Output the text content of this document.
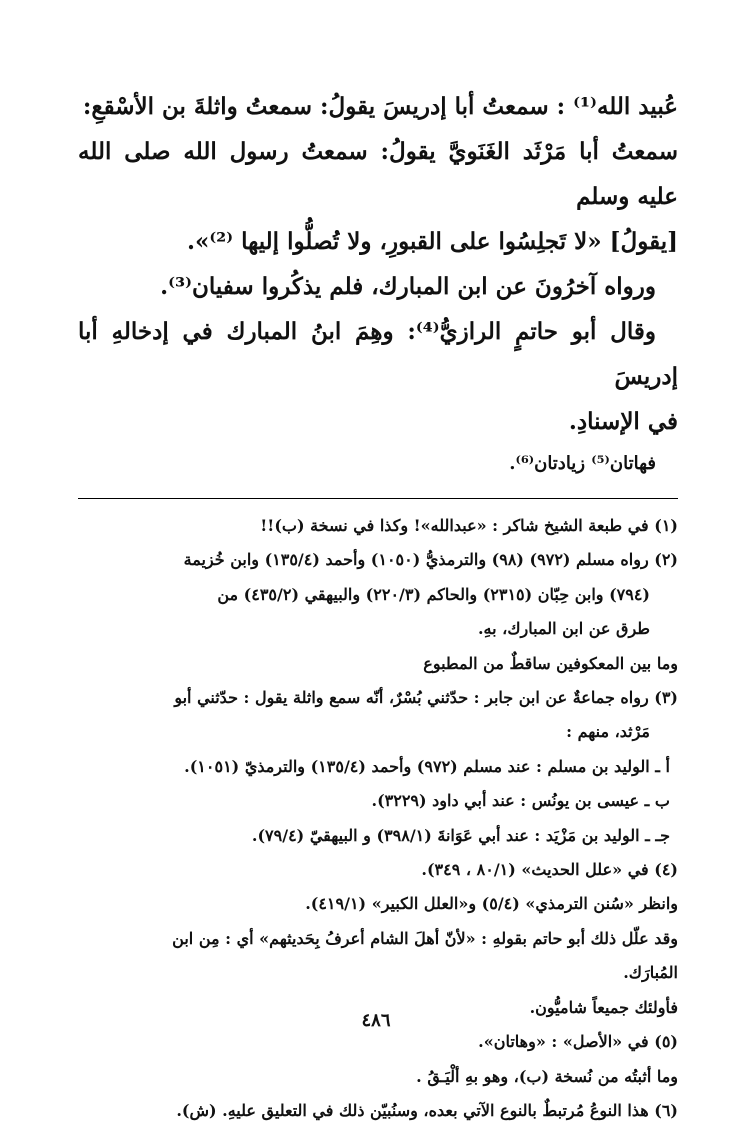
عُبيد الله⁽¹⁾ : سمعتُ أبا إدريسَ يقولُ: سمعتُ واثلةَ بن الأسْقعِ:

سمعتُ أبا مَرْثَد الغَنَويَّ يقولُ: سمعتُ رسول الله صلى الله عليه وسلم

[يقولُ] «لا تَجلِسُوا على القبورِ، ولا تُصلُّوا إليها ⁽²⁾».

ورواه آخرُونَ عن ابن المبارك، فلم يذكُروا سفيان⁽³⁾.

وقال أبو حاتمٍ الرازيُّ⁽⁴⁾: وهِمَ ابنُ المبارك في إدخالهِ أبا إدريسَ

في الإسنادِ.

فهاتان⁽⁵⁾ زيادتان⁽⁶⁾.

(١) في طبعة الشيخ شاكر : «عبدالله»! وكذا في نسخة (ب)!!

(٢) رواه مسلم (٩٧٢) (٩٨) والترمذيُّ (١٠٥٠) وأحمد (١٣٥/٤) وابن خُزيمة

(٧٩٤) وابن حِبّان (٢٣١٥) والحاكم (٢٢٠/٣) والبيهقي (٤٣٥/٢) من

طرق عن ابن المبارك، بهِ.

وما بين المعكوفين ساقطٌ من المطبوع

(٣) رواه جماعةٌ عن ابن جابر : حدّثني بُسْرٌ، أنّه سمع واثلة يقول : حدّثني أبو

مَرْثد، منهم :

أ ـ الوليد بن مسلم : عند مسلم (٩٧٢) وأحمد (١٣٥/٤) والترمذيّ (١٠٥١).

ب ـ عيسى بن يونُس : عند أبي داود (٣٢٢٩).

جـ ـ الوليد بن مَزْيَد : عند أبي عَوَانةَ (٣٩٨/١) و البيهقيّ (٧٩/٤).

(٤) في «علل الحديث» (٨٠/١ ، ٣٤٩).

وانظر «سُنن الترمذي» (٥/٤) و«العلل الكبير» (٤١٩/١).

وقد علّل ذلك أبو حاتم بقولهِ : «لأنّ أهلَ الشام أعرفُ بِحَديثهم» أي : مِن ابن

المُبارَك.

فأولئك جميعاً شاميُّون.

(٥) في «الأصل» : «وهاتان».

وما أثبتُه من نُسخة (ب)، وهو بهِ ألْيَـقُ .

(٦) هذا النوعُ مُرتبطٌ بالنوع الآتي بعده، وسنُبيّن ذلك في التعليق عليهِ. (ش).

٤٨٦
